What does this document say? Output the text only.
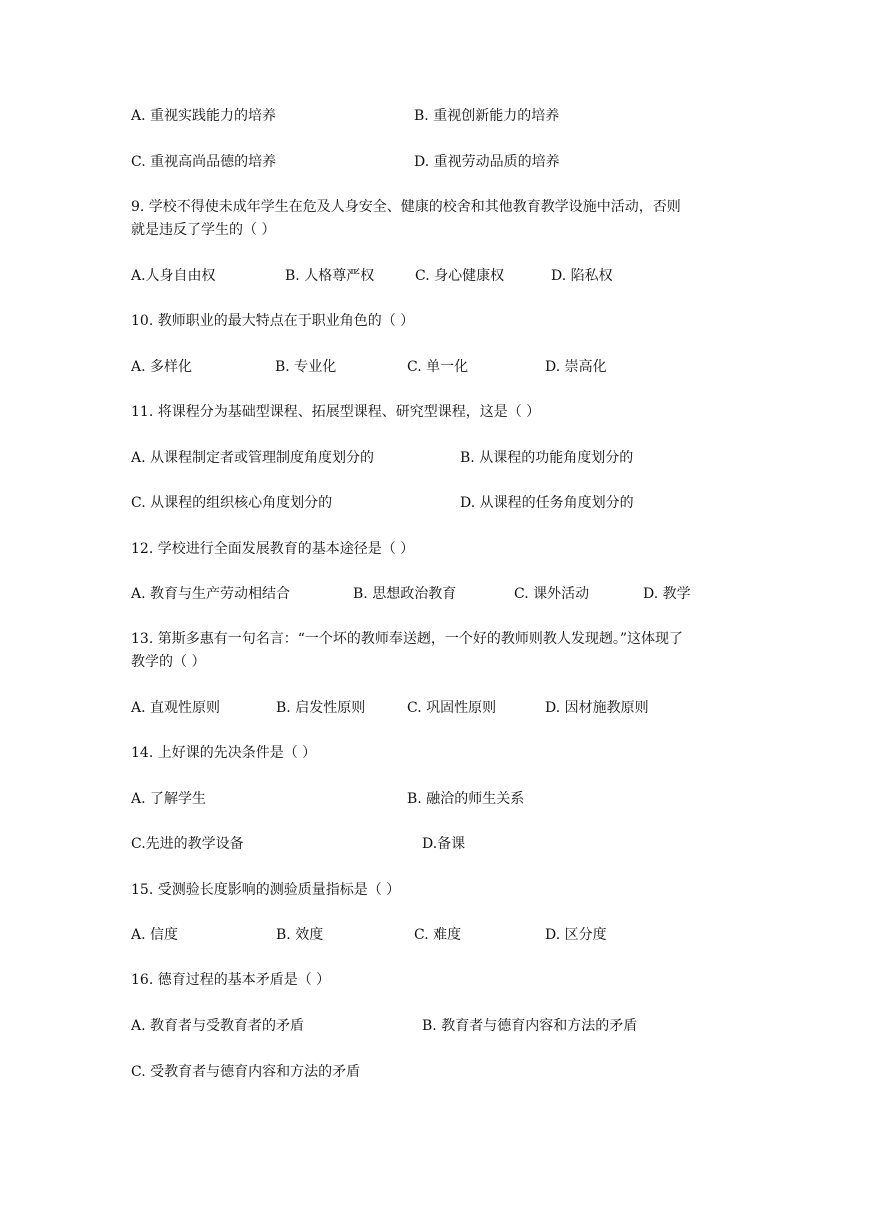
A. 重视实践能力的培养	B. 重视创新能力的培养
C. 重视高尚品德的培养	D. 重视劳动品质的培养
9. 学校不得使未成年学生在危及人身安全、健康的校舍和其他教育教学设施中活动，否则
就是违反了学生的（ ）
A.人身自由权	B. 人格尊严权	C. 身心健康权	D. 陷私权
10. 教师职业的最大特点在于职业角色的（ ）
A. 多样化	B. 专业化	C. 单一化	D. 崇高化
11. 将课程分为基础型课程、拓展型课程、研究型课程，这是（ ）
A. 从课程制定者或管理制度角度划分的	B. 从课程的功能角度划分的
C. 从课程的组织核心角度划分的	D. 从课程的任务角度划分的
12. 学校进行全面发展教育的基本途径是（ ）
A. 教育与生产劳动相结合	B. 思想政治教育	C. 课外活动	D. 教学
13. 第斯多惠有一句名言：“一个坏的教师奉送趔，一个好的教师则教人发现趔。”这体现了
教学的（ ）
A. 直观性原则	B. 启发性原则	C. 巩固性原则	D. 因材施教原则
14. 上好课的先决条件是（ ）
A. 了解学生	B. 融洽的师生关系
C.先进的教学设备	D.备课
15. 受测验长度影响的测验质量指标是（ ）
A. 信度	B. 效度	C. 难度	D. 区分度
16. 德育过程的基本矛盾是（ ）
A. 教育者与受教育者的矛盾	B. 教育者与德育内容和方法的矛盾
C. 受教育者与德育内容和方法的矛盾
